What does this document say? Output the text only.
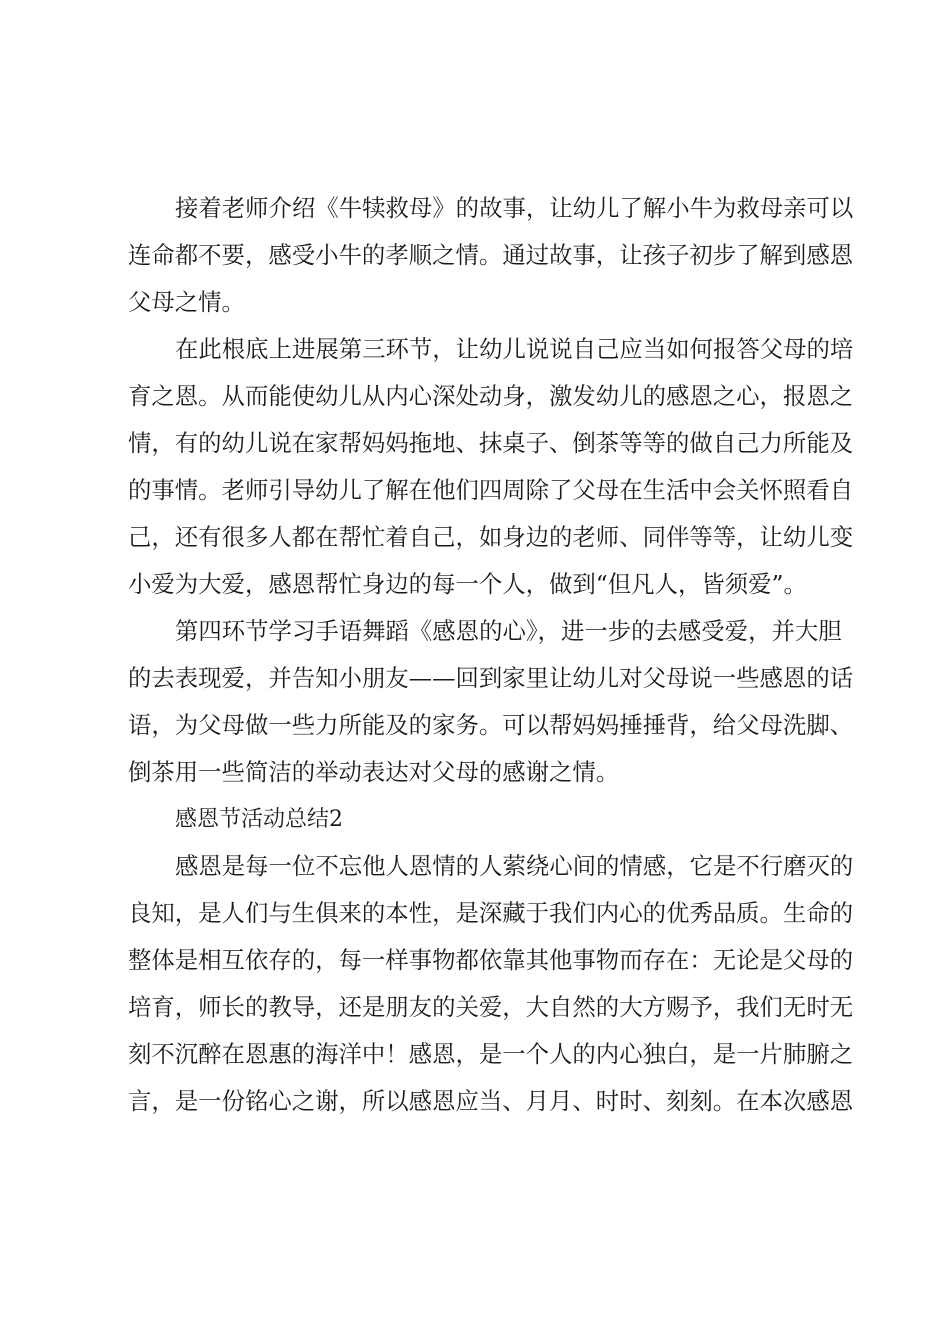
接着老师介绍《牛犊救母》的故事，让幼儿了解小牛为救母亲可以
连命都不要，感受小牛的孝顺之情。通过故事，让孩子初步了解到感恩
父母之情。

在此根底上进展第三环节，让幼儿说说自己应当如何报答父母的培
育之恩。从而能使幼儿从内心深处动身，激发幼儿的感恩之心，报恩之
情，有的幼儿说在家帮妈妈拖地、抹桌子、倒茶等等的做自己力所能及
的事情。老师引导幼儿了解在他们四周除了父母在生活中会关怀照看自
己，还有很多人都在帮忙着自己，如身边的老师、同伴等等，让幼儿变
小爱为大爱，感恩帮忙身边的每一个人，做到“但凡人，皆须爱”。

第四环节学习手语舞蹈《感恩的心》，进一步的去感受爱，并大胆
的去表现爱，并告知小朋友——回到家里让幼儿对父母说一些感恩的话
语，为父母做一些力所能及的家务。可以帮妈妈捶捶背，给父母洗脚、
倒茶用一些简洁的举动表达对父母的感谢之情。

感恩节活动总结2

感恩是每一位不忘他人恩情的人萦绕心间的情感，它是不行磨灭的
良知，是人们与生俱来的本性，是深藏于我们内心的优秀品质。生命的
整体是相互依存的，每一样事物都依靠其他事物而存在：无论是父母的
培育，师长的教导，还是朋友的关爱，大自然的大方赐予，我们无时无
刻不沉醉在恩惠的海洋中！感恩，是一个人的内心独白，是一片肺腑之
言，是一份铭心之谢，所以感恩应当、月月、时时、刻刻。在本次感恩
